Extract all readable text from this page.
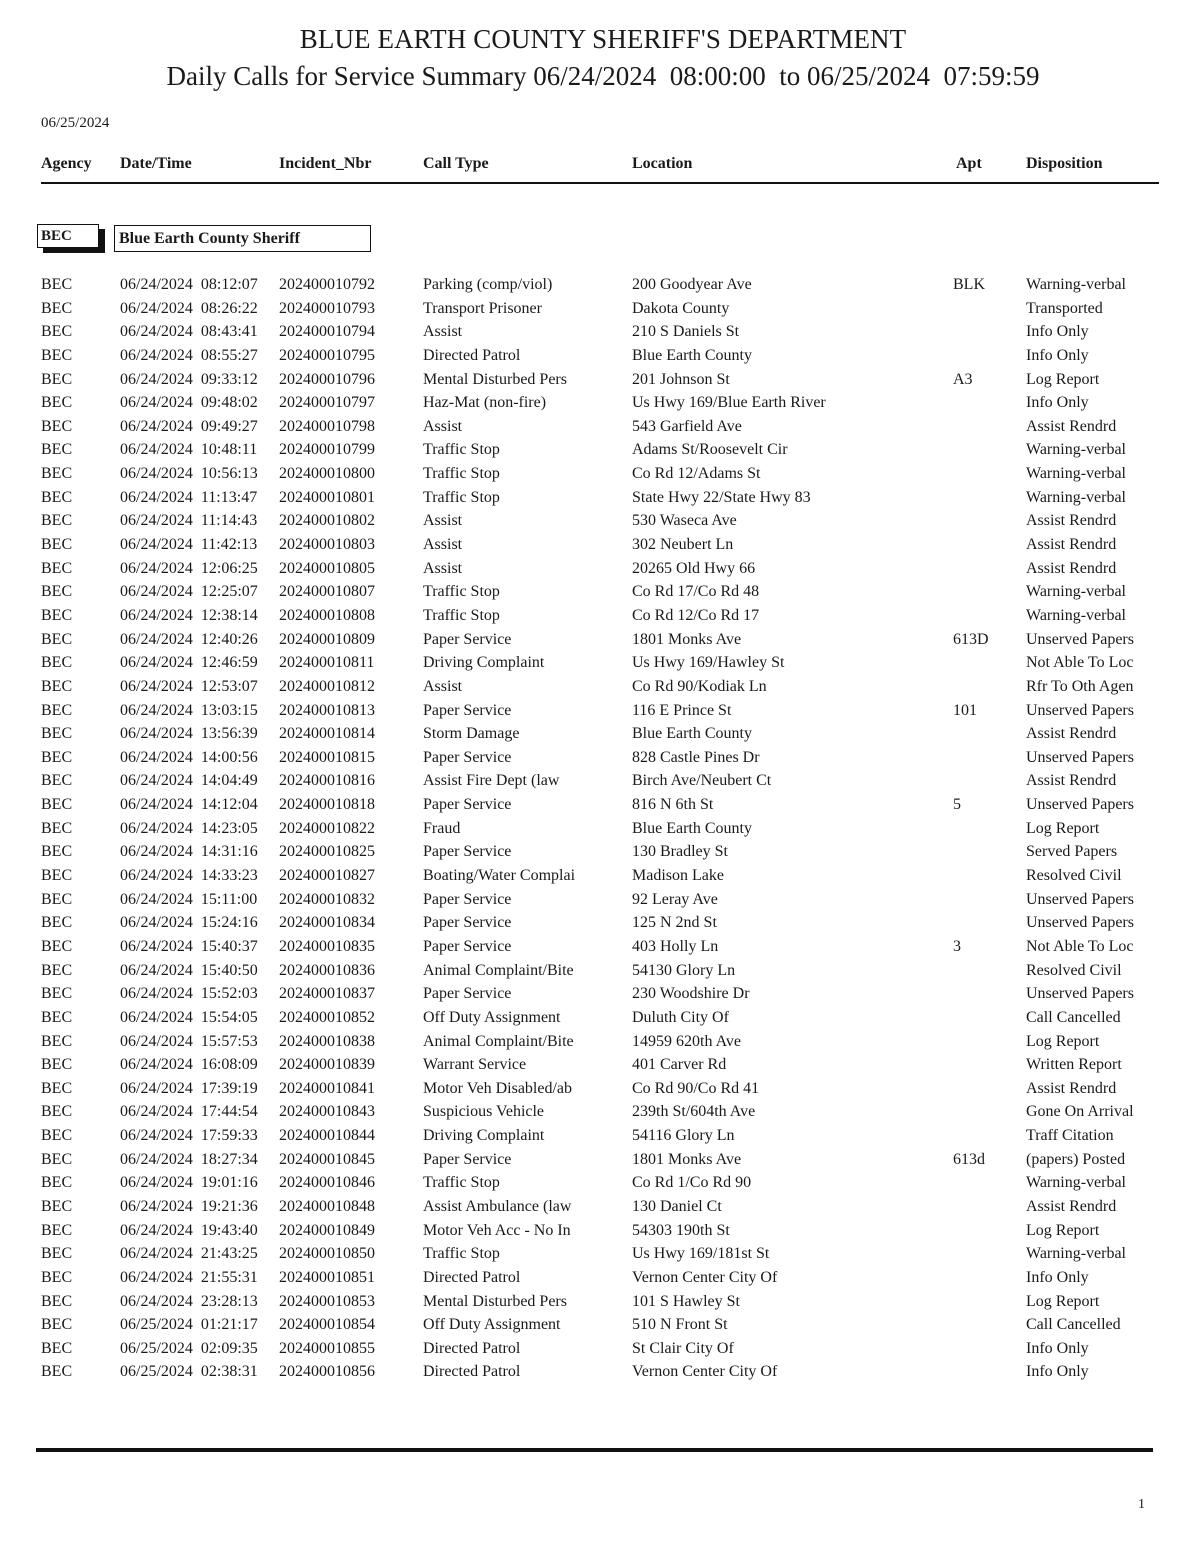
BLUE EARTH COUNTY SHERIFF'S DEPARTMENT
Daily Calls for Service Summary 06/24/2024  08:00:00  to 06/25/2024  07:59:59
06/25/2024
Agency Date/Time	Incident_Nbr	Call Type	Location	Apt	Disposition
BEC	Blue Earth County Sheriff
BEC	06/24/2024  08:12:07 202400010792	Parking (comp/viol)	200 Goodyear Ave	BLK	Warning-verbal
BEC	06/24/2024  08:26:22 202400010793	Transport Prisoner	Dakota County	Transported
BEC	06/24/2024  08:43:41 202400010794	Assist	210 S Daniels St	Info Only
BEC	06/24/2024  08:55:27 202400010795	Directed Patrol	Blue Earth County	Info Only
BEC	06/24/2024  09:33:12 202400010796	Mental Disturbed Pers	201 Johnson St	A3	Log Report
BEC	06/24/2024  09:48:02 202400010797	Haz-Mat (non-fire)	Us Hwy 169/Blue Earth River	Info Only
BEC	06/24/2024  09:49:27 202400010798	Assist	543 Garfield Ave	Assist Rendrd
BEC	06/24/2024  10:48:11 202400010799	Traffic Stop	Adams St/Roosevelt Cir	Warning-verbal
BEC	06/24/2024  10:56:13 202400010800	Traffic Stop	Co Rd 12/Adams St	Warning-verbal
BEC	06/24/2024  11:13:47 202400010801	Traffic Stop	State Hwy 22/State Hwy 83	Warning-verbal
BEC	06/24/2024  11:14:43 202400010802	Assist	530 Waseca Ave	Assist Rendrd
BEC	06/24/2024  11:42:13 202400010803	Assist	302 Neubert Ln	Assist Rendrd
BEC	06/24/2024  12:06:25 202400010805	Assist	20265 Old Hwy 66	Assist Rendrd
BEC	06/24/2024  12:25:07 202400010807	Traffic Stop	Co Rd 17/Co Rd 48	Warning-verbal
BEC	06/24/2024  12:38:14 202400010808	Traffic Stop	Co Rd 12/Co Rd 17	Warning-verbal
BEC	06/24/2024  12:40:26 202400010809	Paper Service	1801 Monks Ave	613D Unserved Papers
BEC	06/24/2024  12:46:59 202400010811	Driving Complaint	Us Hwy 169/Hawley St	Not Able To Loc
BEC	06/24/2024  12:53:07 202400010812	Assist	Co Rd 90/Kodiak Ln	Rfr To Oth Agen
BEC	06/24/2024  13:03:15 202400010813	Paper Service	116 E Prince St	101	Unserved Papers
BEC	06/24/2024  13:56:39 202400010814	Storm Damage	Blue Earth County	Assist Rendrd
BEC	06/24/2024  14:00:56 202400010815	Paper Service	828 Castle Pines Dr	Unserved Papers
BEC	06/24/2024  14:04:49 202400010816	Assist Fire Dept (law	Birch Ave/Neubert Ct	Assist Rendrd
BEC	06/24/2024  14:12:04 202400010818	Paper Service	816 N 6th St	5	Unserved Papers
BEC	06/24/2024  14:23:05 202400010822	Fraud	Blue Earth County	Log Report
BEC	06/24/2024  14:31:16 202400010825	Paper Service	130 Bradley St	Served Papers
BEC	06/24/2024  14:33:23 202400010827	Boating/Water Complai	Madison Lake	Resolved Civil
BEC	06/24/2024  15:11:00 202400010832	Paper Service	92 Leray Ave	Unserved Papers
BEC	06/24/2024  15:24:16 202400010834	Paper Service	125 N 2nd St	Unserved Papers
BEC	06/24/2024  15:40:37 202400010835	Paper Service	403 Holly Ln	3	Not Able To Loc
BEC	06/24/2024  15:40:50 202400010836	Animal Complaint/Bite	54130 Glory Ln	Resolved Civil
BEC	06/24/2024  15:52:03 202400010837	Paper Service	230 Woodshire Dr	Unserved Papers
BEC	06/24/2024  15:54:05 202400010852	Off Duty Assignment	Duluth City Of	Call Cancelled
BEC	06/24/2024  15:57:53 202400010838	Animal Complaint/Bite	14959 620th Ave	Log Report
BEC	06/24/2024  16:08:09 202400010839	Warrant Service	401 Carver Rd	Written Report
BEC	06/24/2024  17:39:19 202400010841	Motor Veh Disabled/ab	Co Rd 90/Co Rd 41	Assist Rendrd
BEC	06/24/2024  17:44:54 202400010843	Suspicious Vehicle	239th St/604th Ave	Gone On Arrival
BEC	06/24/2024  17:59:33 202400010844	Driving Complaint	54116 Glory Ln	Traff Citation
BEC	06/24/2024  18:27:34 202400010845	Paper Service	1801 Monks Ave	613d	(papers) Posted
BEC	06/24/2024  19:01:16 202400010846	Traffic Stop	Co Rd 1/Co Rd 90	Warning-verbal
BEC	06/24/2024  19:21:36 202400010848	Assist Ambulance (law	130 Daniel Ct	Assist Rendrd
BEC	06/24/2024  19:43:40 202400010849	Motor Veh Acc - No In	54303 190th St	Log Report
BEC	06/24/2024  21:43:25 202400010850	Traffic Stop	Us Hwy 169/181st St	Warning-verbal
BEC	06/24/2024  21:55:31 202400010851	Directed Patrol	Vernon Center City Of	Info Only
BEC	06/24/2024  23:28:13 202400010853	Mental Disturbed Pers	101 S Hawley St	Log Report
BEC	06/25/2024  01:21:17 202400010854	Off Duty Assignment	510 N Front St	Call Cancelled
BEC	06/25/2024  02:09:35 202400010855	Directed Patrol	St Clair City Of	Info Only
BEC	06/25/2024  02:38:31 202400010856	Directed Patrol	Vernon Center City Of	Info Only
1
